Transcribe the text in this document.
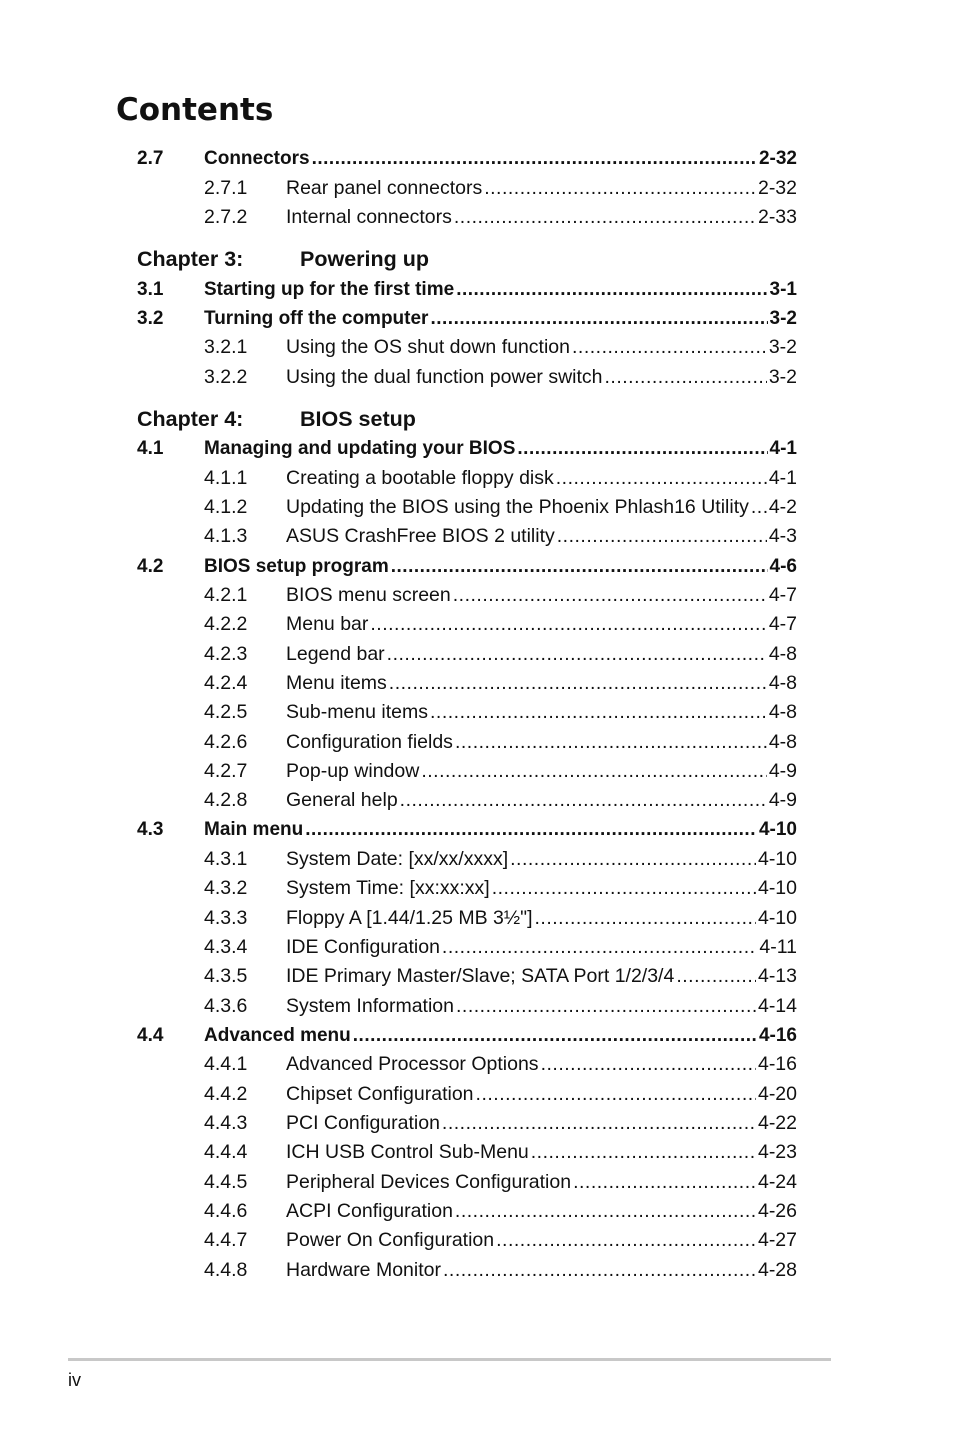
Contents
2.7 Connectors .....	2-32
2.7.1 Rear panel connectors .....	2-32
2.7.2 Internal connectors .....	2-33
Chapter 3:	Powering up
3.1 Starting up for the first time .....	3-1
3.2 Turning off the computer .....	3-2
3.2.1 Using the OS shut down function .....	3-2
3.2.2 Using the dual function power switch .....	3-2
Chapter 4:	BIOS setup
4.1 Managing and updating your BIOS .....	4-1
4.1.1 Creating a bootable floppy disk .....	4-1
4.1.2 Updating the BIOS using the Phoenix Phlash16 Utility ..... 4-2
4.1.3 ASUS CrashFree BIOS 2 utility .....	4-3
4.2 BIOS setup program .....	4-6
4.2.1 BIOS menu screen .....	4-7
4.2.2 Menu bar .....	4-7
4.2.3 Legend bar .....	4-8
4.2.4 Menu items .....	4-8
4.2.5 Sub-menu items .....	4-8
4.2.6 Configuration fields .....	4-8
4.2.7 Pop-up window .....	4-9
4.2.8 General help .....	4-9
4.3 Main menu .....	4-10
4.3.1 System Date: [xx/xx/xxxx] .....	4-10
4.3.2 System Time: [xx:xx:xx] .....	4-10
4.3.3 Floppy A [1.44/1.25 MB 3½"] .....	4-10
4.3.4 IDE Configuration .....	4-11
4.3.5 IDE Primary Master/Slave; SATA Port 1/2/3/4 .....	4-13
4.3.6 System Information .....	4-14
4.4 Advanced menu .....	4-16
4.4.1 Advanced Processor Options .....	4-16
4.4.2 Chipset Configuration .....	4-20
4.4.3 PCI Configuration .....	4-22
4.4.4 ICH USB Control Sub-Menu .....	4-23
4.4.5 Peripheral Devices Configuration .....	4-24
4.4.6 ACPI Configuration .....	4-26
4.4.7 Power On Configuration .....	4-27
4.4.8 Hardware Monitor .....	4-28
iv
